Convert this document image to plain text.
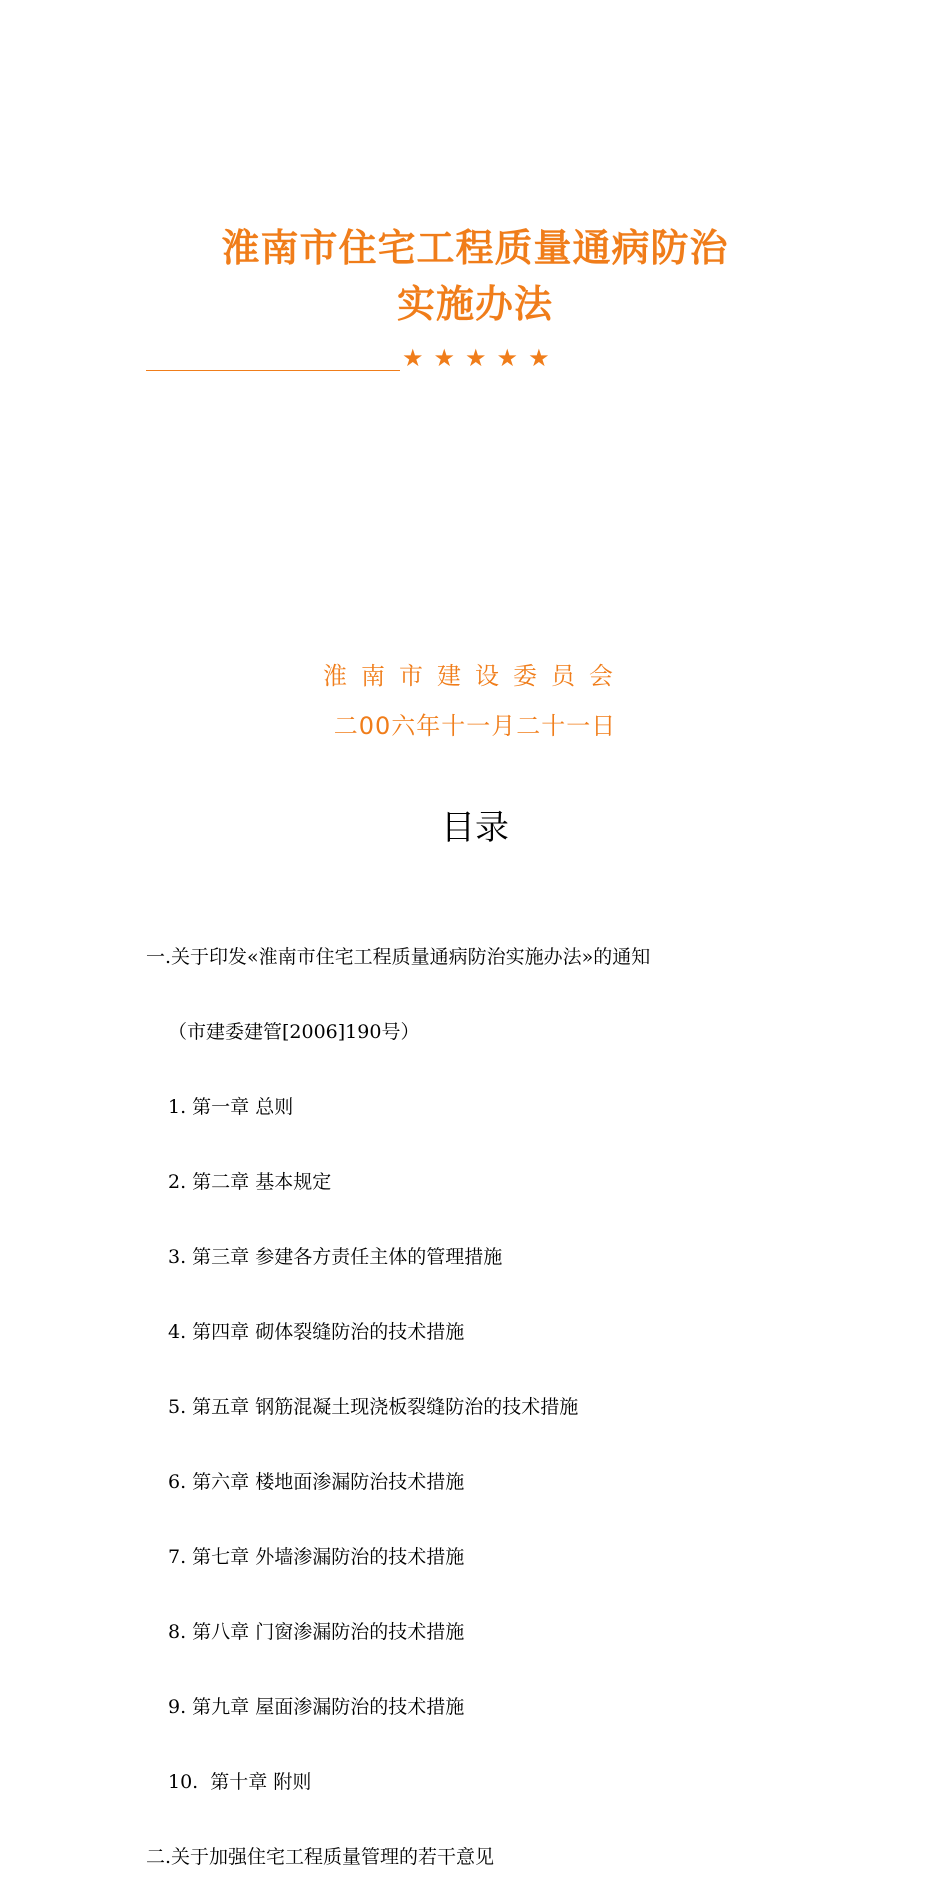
淮南市住宅工程质量通病防治
实施办法
★★★★★
淮南市建设委员会
二00六年十一月二十一日
目录

一.关于印发«淮南市住宅工程质量通病防治实施办法»的通知

（市建委建管[2006]190号）

1. 第一章 总则

2. 第二章 基本规定

3. 第三章 参建各方责任主体的管理措施

4. 第四章 砌体裂缝防治的技术措施

5. 第五章 钢筋混凝土现浇板裂缝防治的技术措施

6. 第六章 楼地面渗漏防治技术措施

7. 第七章 外墙渗漏防治的技术措施

8. 第八章 门窗渗漏防治的技术措施

9. 第九章 屋面渗漏防治的技术措施

10.  第十章 附则

二.关于加强住宅工程质量管理的若干意见
